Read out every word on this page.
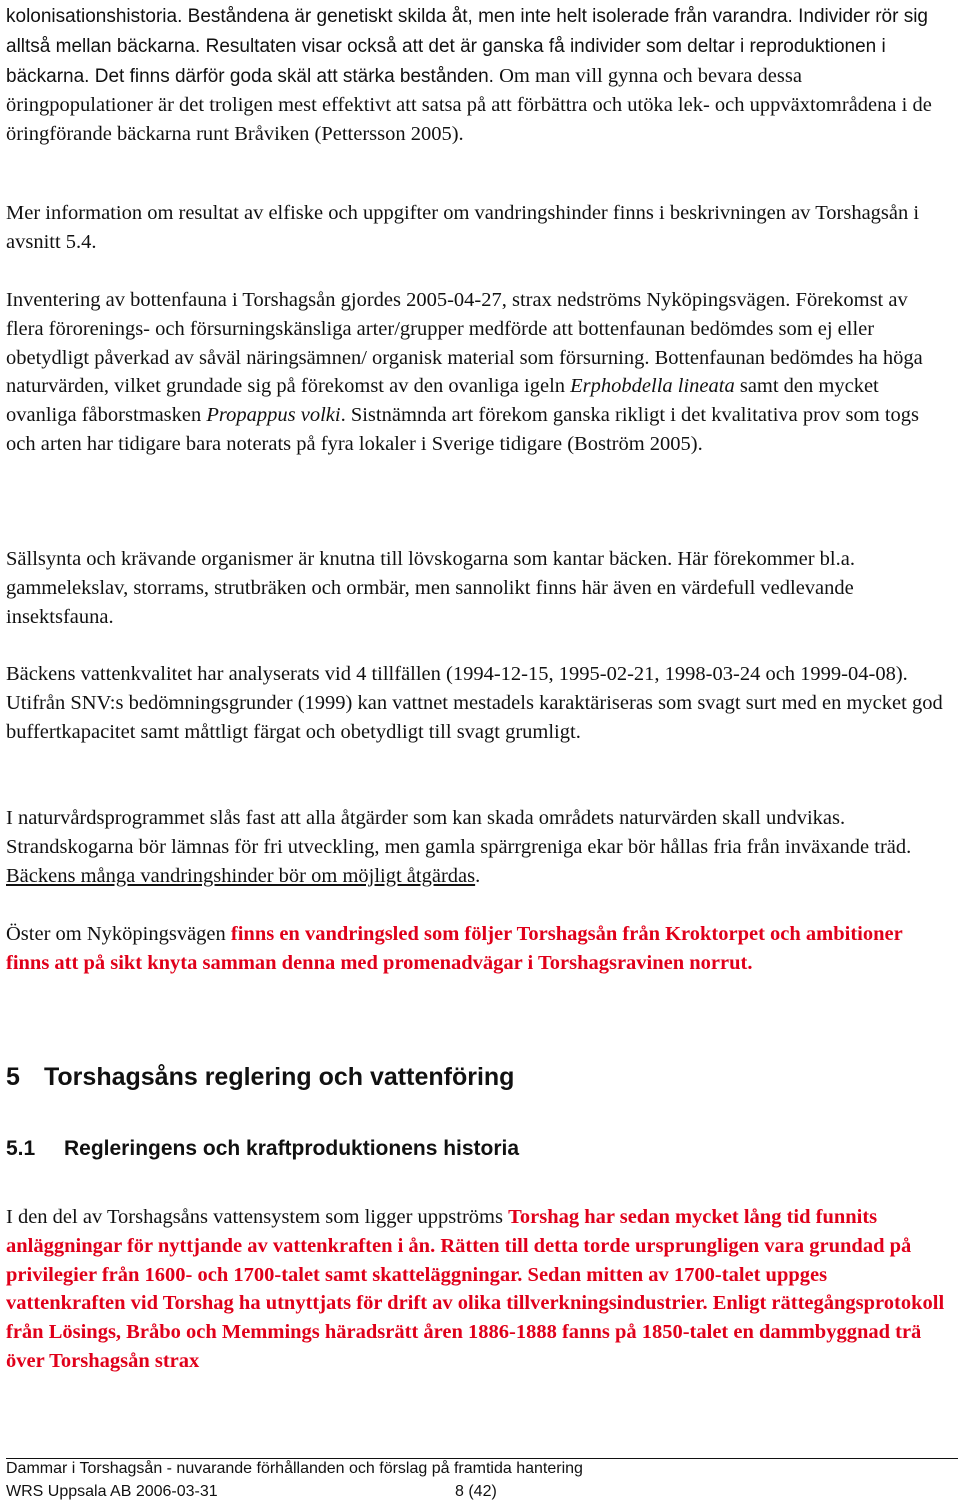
kolonisationshistoria. Beståndena är genetiskt skilda åt, men inte helt isolerade från varandra. Individer rör sig alltså mellan bäckarna. Resultaten visar också att det är ganska få individer som deltar i reproduktionen i bäckarna. Det finns därför goda skäl att stärka bestånden. Om man vill gynna och bevara dessa öringpopulationer är det troligen mest effektivt att satsa på att förbättra och utöka lek- och uppväxtområdena i de öringförande bäckarna runt Bråviken (Pettersson 2005).

Mer information om resultat av elfiske och uppgifter om vandringshinder finns i beskrivningen av Torshagsån i avsnitt 5.4.

Inventering av bottenfauna i Torshagsån gjordes 2005-04-27, strax nedströms Nyköpingsvägen. Förekomst av flera förorenings- och försurningskänsliga arter/grupper medförde att bottenfaunan bedömdes som ej eller obetydligt påverkad av såväl näringsämnen/ organisk material som försurning. Bottenfaunan bedömdes ha höga naturvärden, vilket grundade sig på förekomst av den ovanliga igeln Erphobdella lineata samt den mycket ovanliga fåborstmasken Propappus volki. Sistnämnda art förekom ganska rikligt i det kvalitativa prov som togs och arten har tidigare bara noterats på fyra lokaler i Sverige tidigare (Boström 2005).

Sällsynta och krävande organismer är knutna till lövskogarna som kantar bäcken. Här förekommer bl.a. gammelekslav, storrams, strutbräken och ormbär, men sannolikt finns här även en värdefull vedlevande insektsfauna.

Bäckens vattenkvalitet har analyserats vid 4 tillfällen (1994-12-15, 1995-02-21, 1998-03-24 och 1999-04-08). Utifrån SNV:s bedömningsgrunder (1999) kan vattnet mestadels karaktäriseras som svagt surt med en mycket god buffertkapacitet samt måttligt färgat och obetydligt till svagt grumligt.

I naturvårdsprogrammet slås fast att alla åtgärder som kan skada områdets naturvärden skall undvikas. Strandskogarna bör lämnas för fri utveckling, men gamla spärrgreniga ekar bör hållas fria från inväxande träd. Bäckens många vandringshinder bör om möjligt åtgärdas.

Öster om Nyköpingsvägen finns en vandringsled som följer Torshagsån från Kroktorpet och ambitioner finns att på sikt knyta samman denna med promenadvägar i Torshagsravinen norrut.

5 Torshagsåns reglering och vattenföring
5.1 Regleringens och kraftproduktionens historia

I den del av Torshagsåns vattensystem som ligger uppströms Torshag har sedan mycket lång tid funnits anläggningar för nyttjande av vattenkraften i ån. Rätten till detta torde ursprungligen vara grundad på privilegier från 1600- och 1700-talet samt skatteläggningar. Sedan mitten av 1700-talet uppges vattenkraften vid Torshag ha utnyttjats för drift av olika tillverkningsindustrier. Enligt rättegångsprotokoll från Lösings, Bråbo och Memmings häradsrätt åren 1886-1888 fanns på 1850-talet en dammbyggnad trä över Torshagsån strax

Dammar i Torshagsån - nuvarande förhållanden och förslag på framtida hantering

WRS Uppsala AB 2006-03-31	8 (42)
